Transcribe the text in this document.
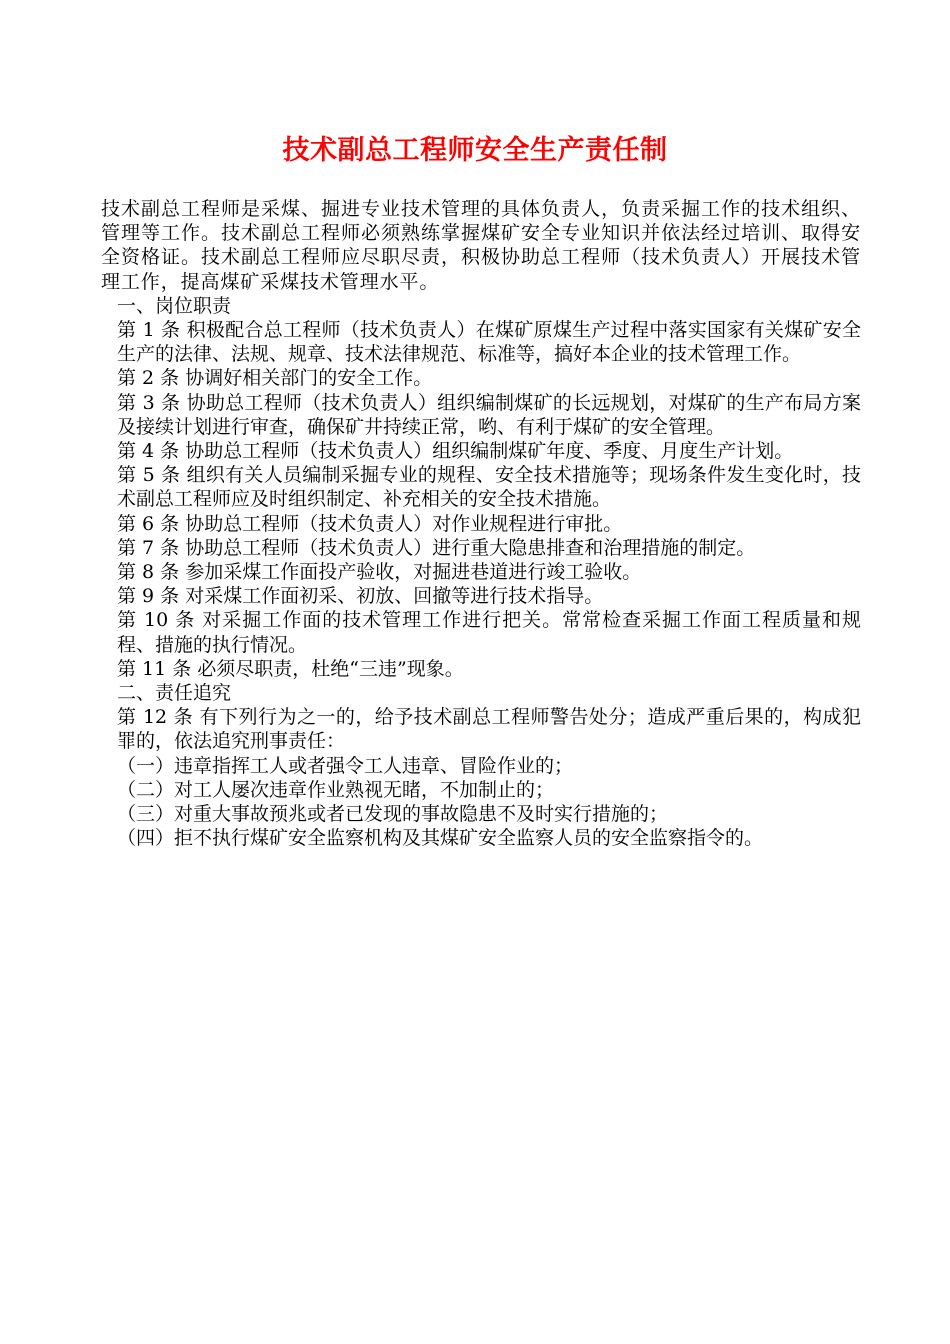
技术副总工程师安全生产责任制

技术副总工程师是采煤、掘进专业技术管理的具体负责人，负责采掘工作的技术组织、管理等工作。技术副总工程师必须熟练掌握煤矿安全专业知识并依法经过培训、取得安全资格证。技术副总工程师应尽职尽责，积极协助总工程师（技术负责人）开展技术管理工作，提高煤矿采煤技术管理水平。

一、岗位职责

第 1 条 积极配合总工程师（技术负责人）在煤矿原煤生产过程中落实国家有关煤矿安全生产的法律、法规、规章、技术法律规范、标准等，搞好本企业的技术管理工作。

第 2 条 协调好相关部门的安全工作。

第 3 条 协助总工程师（技术负责人）组织编制煤矿的长远规划，对煤矿的生产布局方案及接续计划进行审查，确保矿井持续正常，哟、有利于煤矿的安全管理。

第 4 条 协助总工程师（技术负责人）组织编制煤矿年度、季度、月度生产计划。

第 5 条 组织有关人员编制采掘专业的规程、安全技术措施等；现场条件发生变化时，技术副总工程师应及时组织制定、补充相关的安全技术措施。

第 6 条 协助总工程师（技术负责人）对作业规程进行审批。

第 7 条 协助总工程师（技术负责人）进行重大隐患排查和治理措施的制定。

第 8 条 参加采煤工作面投产验收，对掘进巷道进行竣工验收。

第 9 条 对采煤工作面初采、初放、回撤等进行技术指导。

第 10 条 对采掘工作面的技术管理工作进行把关。常常检查采掘工作面工程质量和规程、措施的执行情况。

第 11 条 必须尽职责，杜绝“三违”现象。

二、责任追究

第 12 条 有下列行为之一的，给予技术副总工程师警告处分；造成严重后果的，构成犯罪的，依法追究刑事责任：

（一）违章指挥工人或者强令工人违章、冒险作业的；

（二）对工人屡次违章作业熟视无睹，不加制止的；

（三）对重大事故预兆或者已发现的事故隐患不及时实行措施的；

（四）拒不执行煤矿安全监察机构及其煤矿安全监察人员的安全监察指令的。
